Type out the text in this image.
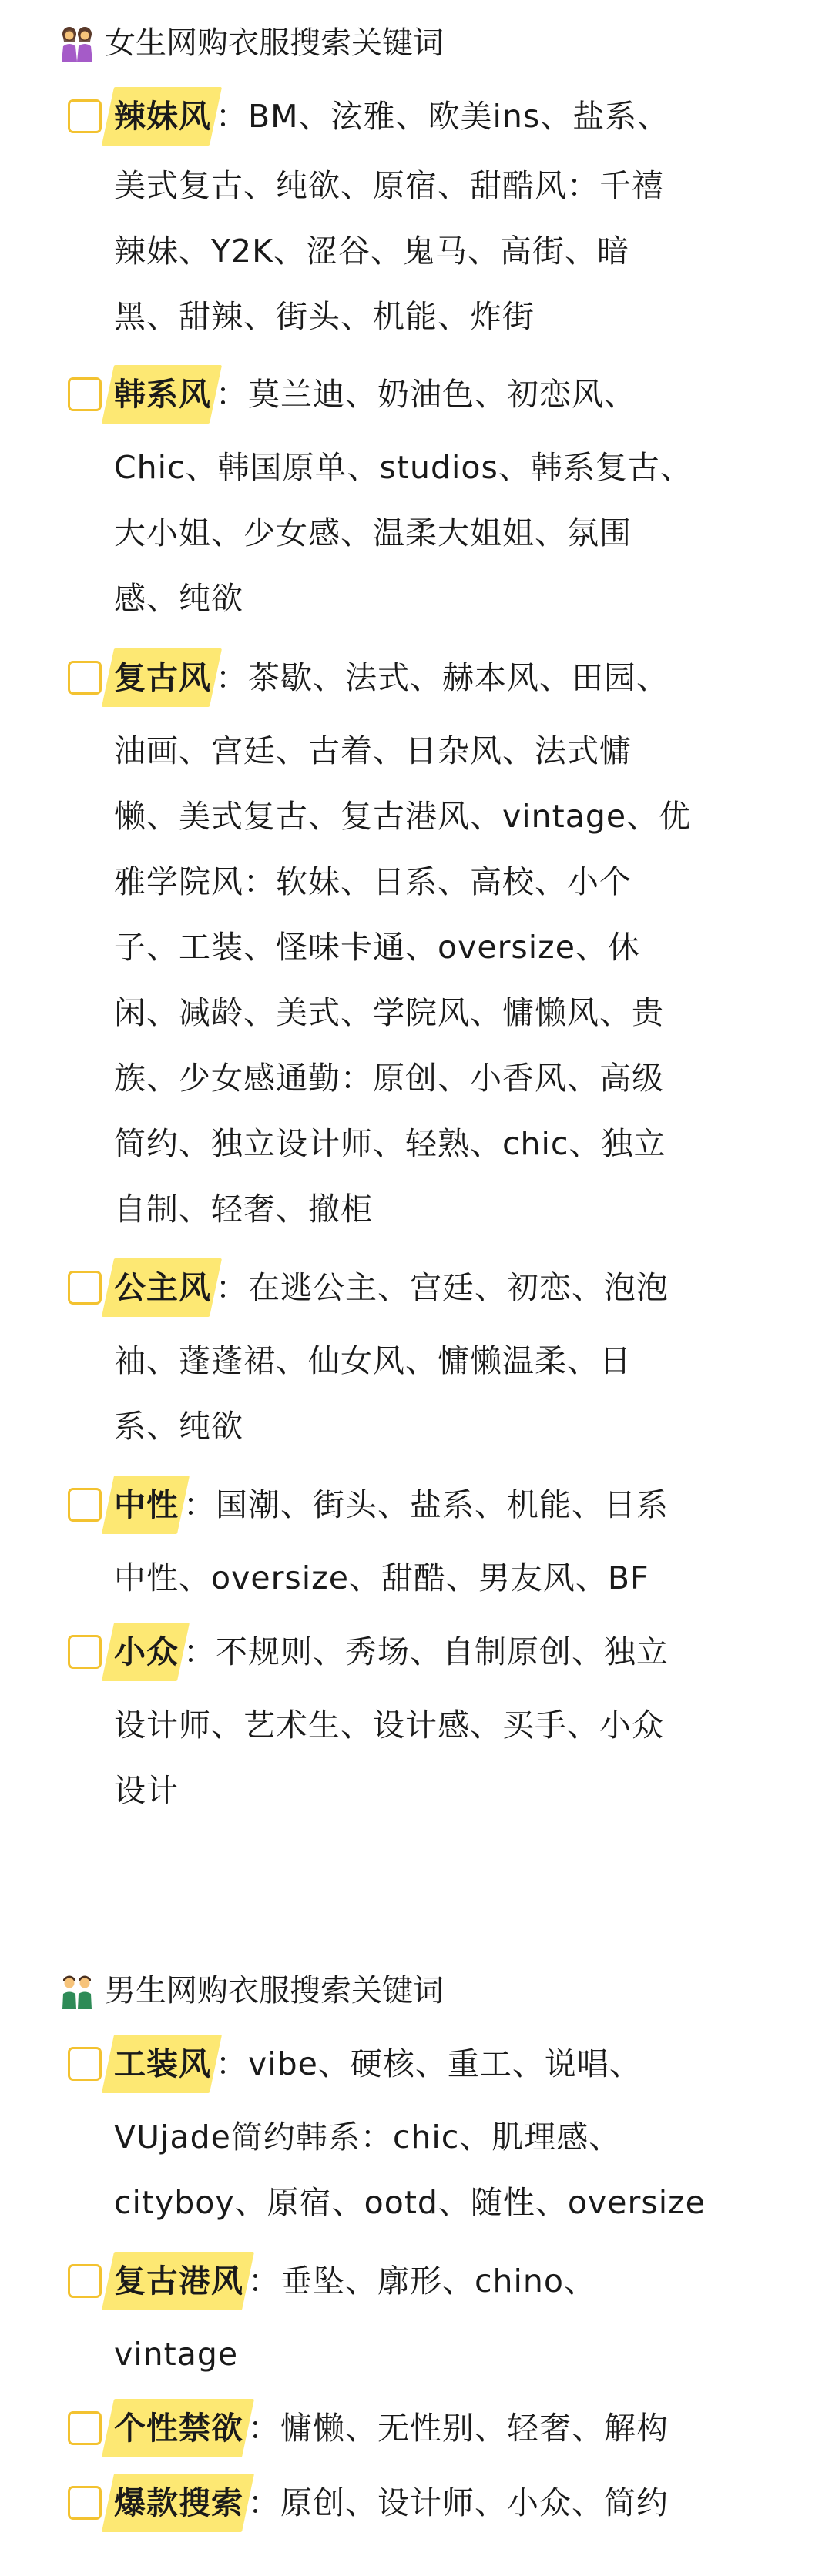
女生网购衣服搜索关键词
辣妹风 ：BM、泫雅、欧美ins、盐系、
美式复古、纯欲、原宿、甜酷风：千禧
辣妹、Y2K、涩谷、鬼马、高街、暗
黑、甜辣、街头、机能、炸街
韩系风 ：莫兰迪、奶油色、初恋风、
Chic、韩国原单、studios、韩系复古、
大小姐、少女感、温柔大姐姐、氛围
感、纯欲
复古风 ：茶歇、法式、赫本风、田园、
油画、宫廷、古着、日杂风、法式慵
懒、美式复古、复古港风、vintage、优
雅学院风：软妹、日系、高校、小个
子、工装、怪味卡通、oversize、休
闲、减龄、美式、学院风、慵懒风、贵
族、少女感通勤：原创、小香风、高级
简约、独立设计师、轻熟、chic、独立
自制、轻奢、撤柜
公主风 ：在逃公主、宫廷、初恋、泡泡
袖、蓬蓬裙、仙女风、慵懒温柔、日
系、纯欲
中性 ：国潮、街头、盐系、机能、日系
中性、oversize、甜酷、男友风、BF
小众 ：不规则、秀场、自制原创、独立
设计师、艺术生、设计感、买手、小众
设计
男生网购衣服搜索关键词
工装风 ：vibe、硬核、重工、说唱、
VUjade简约韩系：chic、肌理感、
cityboy、原宿、ootd、随性、oversize
复古港风 ：垂坠、廓形、chino、
vintage
个性禁欲 ：慵懒、无性别、轻奢、解构
爆款搜索 ：原创、设计师、小众、简约
